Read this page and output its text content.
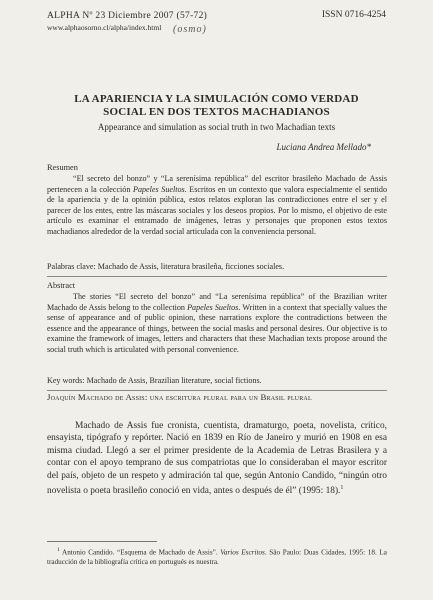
ALPHA Nº 23 Diciembre 2007 (57-72)
www.alphaosorno.cl/alpha/index.html	(osmo)
ISSN 0716-4254
LA APARIENCIA Y LA SIMULACIÓN COMO VERDAD
SOCIAL EN DOS TEXTOS MACHADIANOS
Appearance and simulation as social truth in two Machadian texts
Luciana Andrea Mellado*
Resumen

“El secreto del bonzo” y “La serenísima república” del escritor brasileño Machado de Assis pertenecen a la colección Papeles Sueltos. Escritos en un contexto que valora especialmente el sentido de la apariencia y de la opinión pública, estos relatos exploran las contradicciones entre el ser y el parecer de los entes, entre las máscaras sociales y los deseos propios. Por lo mismo, el objetivo de este artículo es examinar el entramado de imágenes, letras y personajes que proponen estos textos machadianos alrededor de la verdad social articulada con la conveniencia personal.

Palabras clave: Machado de Assis, literatura brasileña, ficciones sociales.
Abstract

The stories “El secreto del bonzo” and “La serenísima república” of the Brazilian writer Machado de Assis belong to the collection Papeles Sueltos. Written in a context that specially values the sense of appearance and of public opinion, these narrations explore the contradictions between the essence and the appearance of things, between the social masks and personal desires. Our objective is to examine the framework of images, letters and characters that these Machadian texts propose around the social truth which is articulated with personal convenience.

Key words: Machado de Assis, Brazilian literature, social fictions.
Joaquín Machado de Assis: una escritura plural para un Brasil plural

Machado de Assis fue cronista, cuentista, dramaturgo, poeta, novelista, crítico, ensayista, tipógrafo y repórter. Nació en 1839 en Río de Janeiro y murió en 1908 en esa misma ciudad. Llegó a ser el primer presidente de la Academia de Letras Brasilera y a contar con el apoyo temprano de sus compatriotas que lo consideraban el mayor escritor del país, objeto de un respeto y admiración tal que, según Antonio Candido, “ningún otro novelista o poeta brasileño conoció en vida, antes o después de él” (1995: 18).$^1$

$^1$ Antonio Candido. “Esquema de Machado de Assis”. Varios Escritos. São Paulo: Duas Cidades, 1995: 18. La traducción de la bibliografía crítica en portugués es nuestra.
